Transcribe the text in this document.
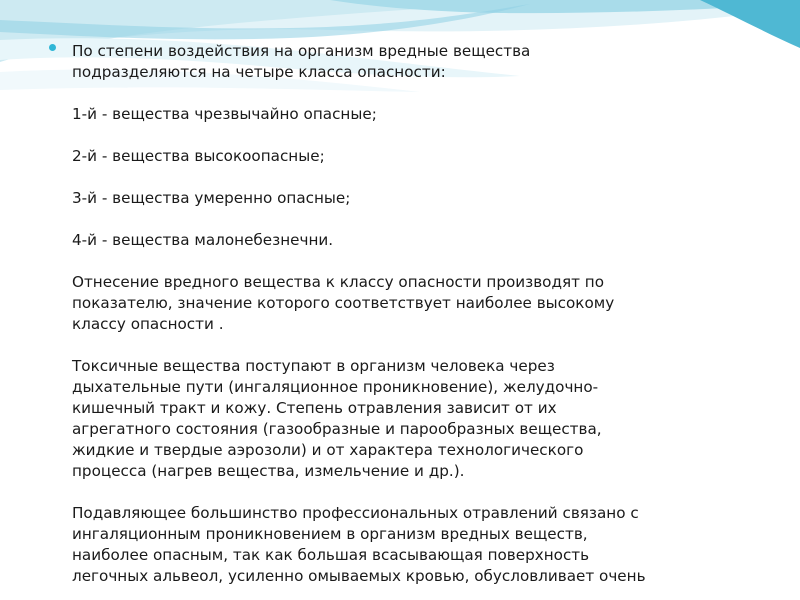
По степени воздействия на организм вредные вещества
подразделяются на четыре класса опасности:

1-й - вещества чрезвычайно опасные;
2-й - вещества высокоопасные;
3-й - вещества умеренно опасные;
4-й - вещества малонебезнечни.

Отнесение вредного вещества к классу опасности производят по
показателю, значение которого соответствует наиболее высокому
классу опасности .

Токсичные вещества поступают в организм человека через
дыхательные пути (ингаляционное проникновение), желудочно-
кишечный тракт и кожу. Степень отравления зависит от их
агрегатного состояния (газообразные и парообразных вещества,
жидкие и твердые аэрозоли) и от характера технологического
процесса (нагрев вещества, измельчение и др.).

Подавляющее большинство профессиональных отравлений связано с
ингаляционным проникновением в организм вредных веществ,
наиболее опасным, так как большая всасывающая поверхность
легочных альвеол, усиленно омываемых кровью, обусловливает очень
